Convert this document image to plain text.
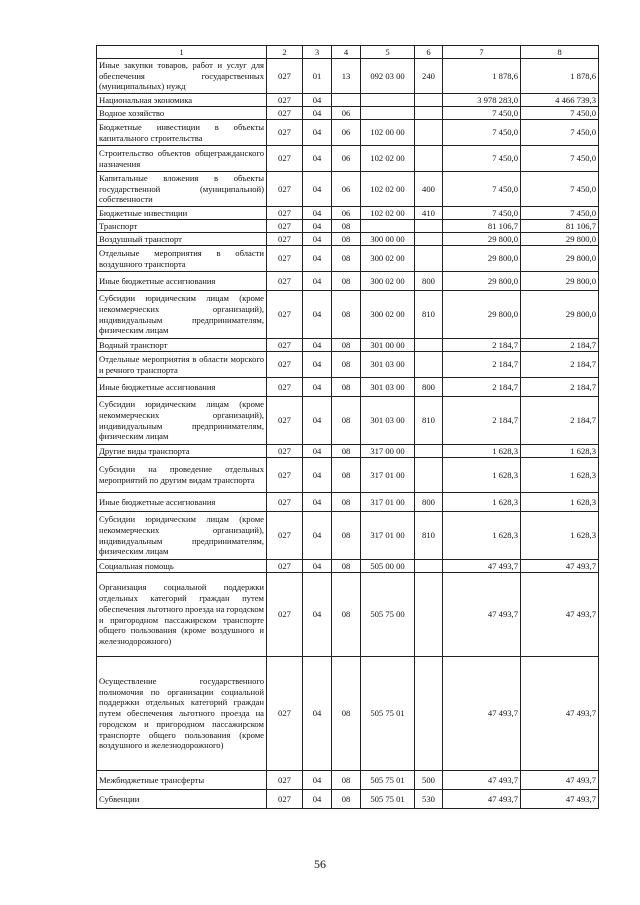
1	2	3	4	5	6	7	8
Иные закупки товаров, работ и услуг для обеспечения государственных (муниципальных) нужд	027	01	13	092 03 00	240	1 878,6	1 878,6
Национальная экономика	027	04				3 978 283,0	4 466 739,3
Водное хозяйство	027	04	06			7 450,0	7 450,0
Бюджетные инвестиции в объекты капитального строительства	027	04	06	102 00 00		7 450,0	7 450,0
Строительство объектов общегражданского назначения	027	04	06	102 02 00		7 450,0	7 450,0
Капитальные вложения в объекты государственной (муниципальной) собственности	027	04	06	102 02 00	400	7 450,0	7 450,0
Бюджетные инвестиции	027	04	06	102 02 00	410	7 450,0	7 450,0
Транспорт	027	04	08			81 106,7	81 106,7
Воздушный транспорт	027	04	08	300 00 00		29 800,0	29 800,0
Отдельные мероприятия в области воздушного транспорта	027	04	08	300 02 00		29 800,0	29 800,0
Иные бюджетные ассигнования	027	04	08	300 02 00	800	29 800,0	29 800,0
Субсидии юридическим лицам (кроме некоммерческих организаций), индивидуальным предпринимателям, физическим лицам	027	04	08	300 02 00	810	29 800,0	29 800,0
Водный транспорт	027	04	08	301 00 00		2 184,7	2 184,7
Отдельные мероприятия в области морского и речного транспорта	027	04	08	301 03 00		2 184,7	2 184,7
Иные бюджетные ассигнования	027	04	08	301 03 00	800	2 184,7	2 184,7
Субсидии юридическим лицам (кроме некоммерческих организаций), индивидуальным предпринимателям, физическим лицам	027	04	08	301 03 00	810	2 184,7	2 184,7
Другие виды транспорта	027	04	08	317 00 00		1 628,3	1 628,3
Субсидии на проведение отдельных мероприятий по другим видам транспорта	027	04	08	317 01 00		1 628,3	1 628,3
Иные бюджетные ассигнования	027	04	08	317 01 00	800	1 628,3	1 628,3
Субсидии юридическим лицам (кроме некоммерческих организаций), индивидуальным предпринимателям, физическим лицам	027	04	08	317 01 00	810	1 628,3	1 628,3
Социальная помощь	027	04	08	505 00 00		47 493,7	47 493,7
Организация социальной поддержки отдельных категорий граждан путем обеспечения льготного проезда на городском и пригородном пассажирском транспорте общего пользования (кроме воздушного и железнодорожного)	027	04	08	505 75 00		47 493,7	47 493,7
Осуществление государственного полномочия по организации социальной поддержки отдельных категорий граждан путем обеспечения льготного проезда на городском и пригородном пассажирском транспорте общего пользования (кроме воздушного и железнодорожного)	027	04	08	505 75 01		47 493,7	47 493,7
Межбюджетные трансферты	027	04	08	505 75 01	500	47 493,7	47 493,7
Субвенции	027	04	08	505 75 01	530	47 493,7	47 493,7
56
